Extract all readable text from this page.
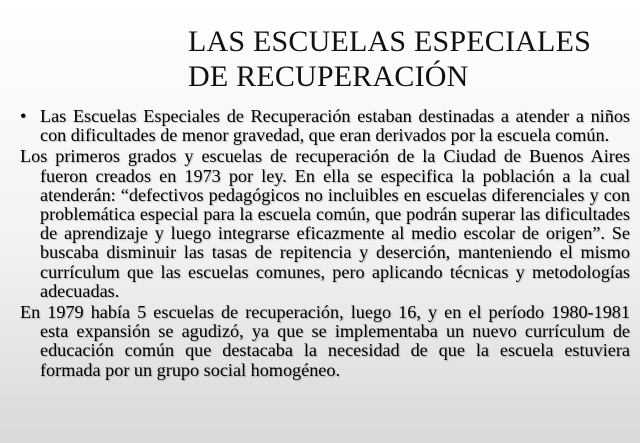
LAS ESCUELAS ESPECIALES
DE RECUPERACIÓN

• Las Escuelas Especiales de Recuperación estaban destinadas a atender a niños con dificultades de menor gravedad, que eran derivados por la escuela común.

Los primeros grados y escuelas de recuperación de la Ciudad de Buenos Aires fueron creados en 1973 por ley. En ella se especifica la población a la cual atenderán: “defectivos pedagógicos no incluibles en escuelas diferenciales y con problemática especial para la escuela común, que podrán superar las dificultades de aprendizaje y luego integrarse eficazmente al medio escolar de origen”. Se buscaba disminuir las tasas de repitencia y deserción, manteniendo el mismo currículum que las escuelas comunes, pero aplicando técnicas y metodologías adecuadas.

En 1979 había 5 escuelas de recuperación, luego 16, y en el período 1980-1981 esta expansión se agudizó, ya que se implementaba un nuevo currículum de educación común que destacaba la necesidad de que la escuela estuviera formada por un grupo social homogéneo.
